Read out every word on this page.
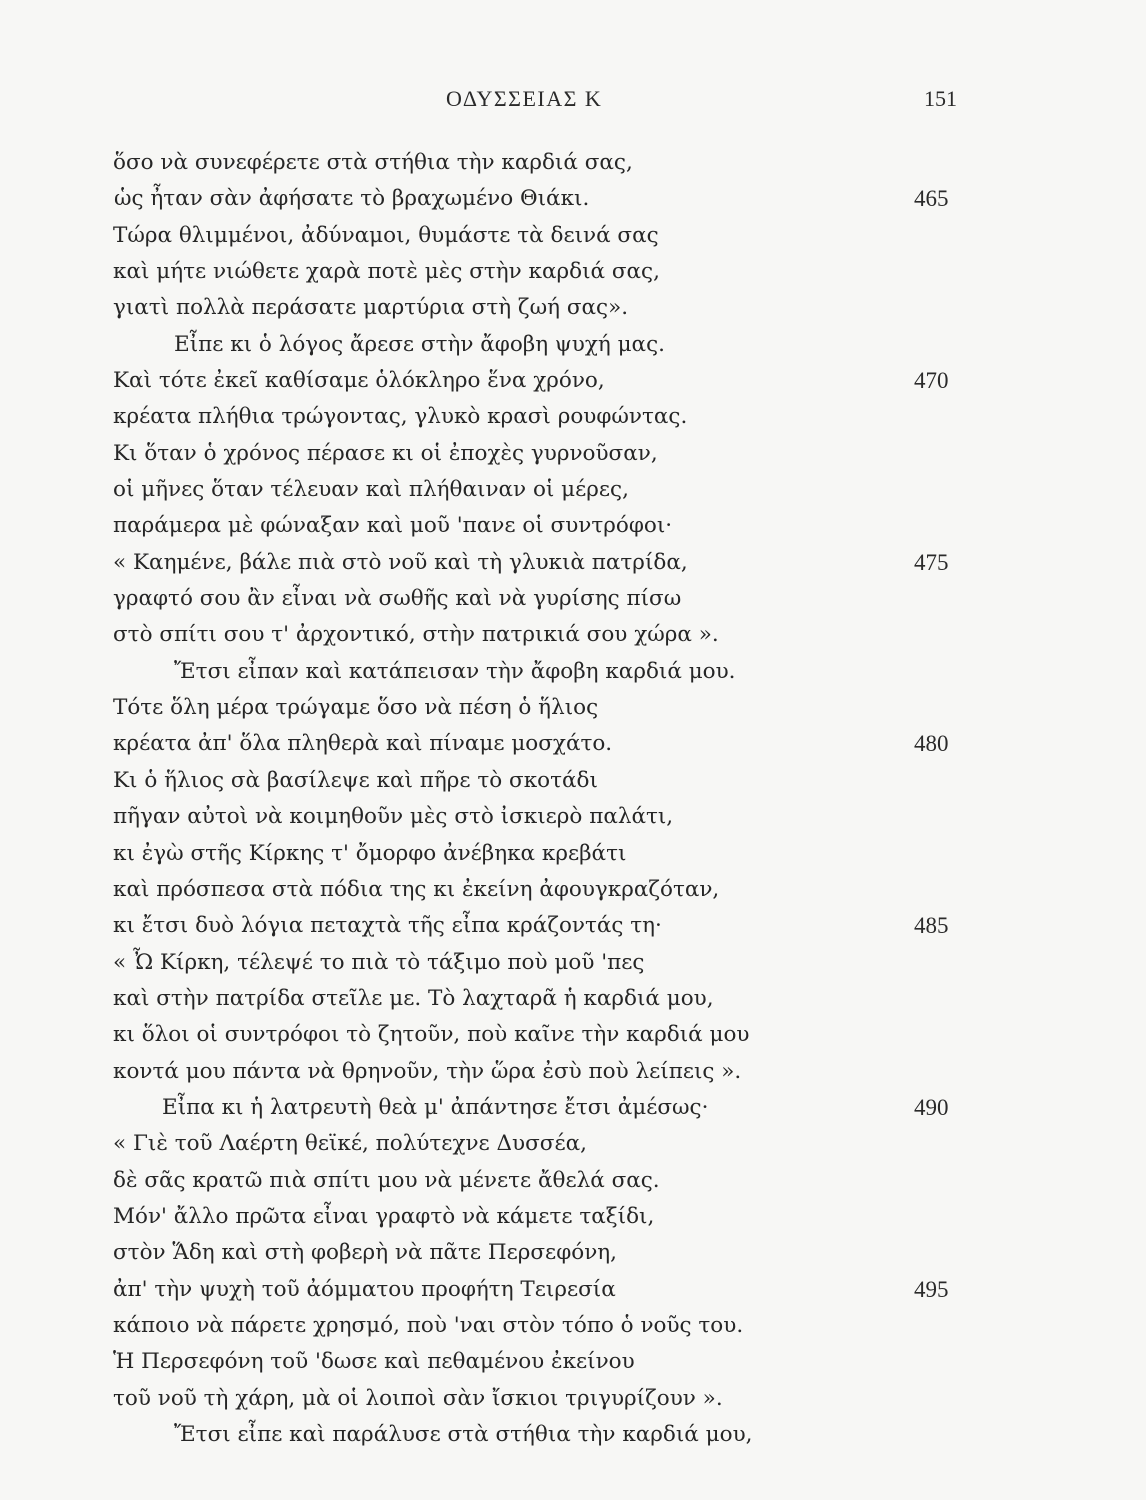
ΟΔΥΣΣΕΙΑΣ Κ	151
ὅσο νὰ συνεφέρετε στὰ στήθια τὴν καρδιά σας,
ὡς ἦταν σὰν ἀφήσατε τὸ βραχωμένο Θιάκι.	465
Τώρα θλιμμένοι, ἀδύναμοι, θυμάστε τὰ δεινά σας
καὶ μήτε νιώθετε χαρὰ ποτὲ μὲς στὴν καρδιά σας,
γιατὶ πολλὰ περάσατε μαρτύρια στὴ ζωή σας».
Εἶπε κι ὁ λόγος ἄρεσε στὴν ἄφοβη ψυχή μας.
Καὶ τότε ἐκεῖ καθίσαμε ὁλόκληρο ἕνα χρόνο,	470
κρέατα πλήθια τρώγοντας, γλυκὸ κρασὶ ρουφώντας.
Κι ὅταν ὁ χρόνος πέρασε κι οἱ ἐποχὲς γυρνοῦσαν,
οἱ μῆνες ὅταν τέλευαν καὶ πλήθαιναν οἱ μέρες,
παράμερα μὲ φώναξαν καὶ μοῦ 'πανε οἱ συντρόφοι·
« Καημένε, βάλε πιὰ στὸ νοῦ καὶ τὴ γλυκιὰ πατρίδα,	475
γραφτό σου ἂν εἶναι νὰ σωθῆς καὶ νὰ γυρίσης πίσω
στὸ σπίτι σου τ' ἀρχοντικό, στὴν πατρικιά σου χώρα ».
Ἔτσι εἶπαν καὶ κατάπεισαν τὴν ἄφοβη καρδιά μου.
Τότε ὅλη μέρα τρώγαμε ὅσο νὰ πέση ὁ ἥλιος
κρέατα ἀπ' ὅλα πληθερὰ καὶ πίναμε μοσχάτο.	480
Κι ὁ ἥλιος σὰ βασίλεψε καὶ πῆρε τὸ σκοτάδι
πῆγαν αὐτοὶ νὰ κοιμηθοῦν μὲς στὸ ἰσκιερὸ παλάτι,
κι ἐγὼ στῆς Κίρκης τ' ὄμορφο ἀνέβηκα κρεβάτι
καὶ πρόσπεσα στὰ πόδια της κι ἐκείνη ἀφουγκραζόταν,
κι ἔτσι δυὸ λόγια πεταχτὰ τῆς εἶπα κράζοντάς τη·	485
« Ὦ Κίρκη, τέλεψέ το πιὰ τὸ τάξιμο ποὺ μοῦ 'πες
καὶ στὴν πατρίδα στεῖλε με. Τὸ λαχταρᾶ ἡ καρδιά μου,
κι ὅλοι οἱ συντρόφοι τὸ ζητοῦν, ποὺ καῖνε τὴν καρδιά μου
κοντά μου πάντα νὰ θρηνοῦν, τὴν ὥρα ἐσὺ ποὺ λείπεις ».
Εἶπα κι ἡ λατρευτὴ θεὰ μ' ἀπάντησε ἔτσι ἀμέσως·	490
« Γιὲ τοῦ Λαέρτη θεϊκέ, πολύτεχνε Δυσσέα,
δὲ σᾶς κρατῶ πιὰ σπίτι μου νὰ μένετε ἄθελά σας.
Μόν' ἄλλο πρῶτα εἶναι γραφτὸ νὰ κάμετε ταξίδι,
στὸν Ἅδη καὶ στὴ φοβερὴ νὰ πᾶτε Περσεφόνη,
ἀπ' τὴν ψυχὴ τοῦ ἀόμματου προφήτη Τειρεσία	495
κάποιο νὰ πάρετε χρησμό, ποὺ 'ναι στὸν τόπο ὁ νοῦς του.
Ἡ Περσεφόνη τοῦ 'δωσε καὶ πεθαμένου ἐκείνου
τοῦ νοῦ τὴ χάρη, μὰ οἱ λοιποὶ σὰν ἴσκιοι τριγυρίζουν ».
Ἔτσι εἶπε καὶ παράλυσε στὰ στήθια τὴν καρδιά μου,
